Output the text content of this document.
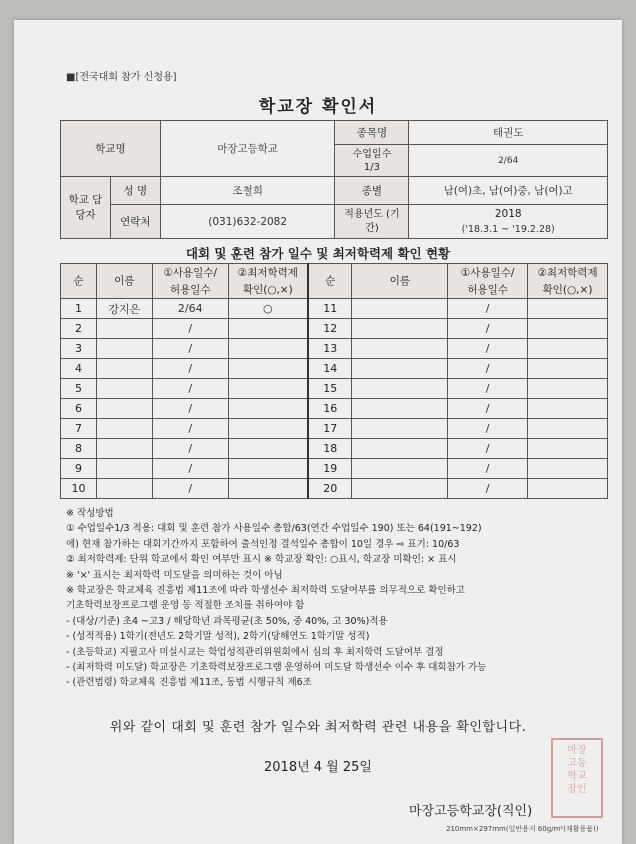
■[전국대회 참가 신청용]
학교장 확인서
학교명		마장고등학교	종목명	태권도
			수업일수 1/3	2/64
학교 담당자	성 명	조철희	종별	남(여)초, 남(여)중, 남(여)고
	연락처	(031)632-2082	적용년도 (기간)	2018
('18.3.1 ~ '19.2.28)
대회 및 훈련 참가 일수 및 최저학력제 확인 현황
순	이름	①사용일수/	②최저학력제	순	이름	①사용일수/	②최저학력제
		허용일수	확인(○,×)			허용일수	확인(○,×)
1	강지은	2/64	○	11		/	
2		/		12		/	
3		/		13		/	
4		/		14		/	
5		/		15		/	
6		/		16		/	
7		/		17		/	
8		/		18		/	
9		/		19		/	
10		/		20		/	
※ 작성방법
① 수업일수1/3 적용: 대회 및 훈련 참가 사용일수 총합/63(연간 수업일수 190) 또는 64(191~192)
에) 현재 참가하는 대회기간까지 포함하여 출석인정 결석일수 총합이 10일 경우 ⇨ 표기: 10/63
② 최저학력제: 단위 학교에서 확인 여부만 표시 ※ 학교장 확인: ○표시, 학교장 미확인: × 표시
※ '×' 표시는 최저학력 미도달을 의미하는 것이 아님
※ 학교장은 학교체육 진흥법 제11조에 따라 학생선수 최저학력 도달여부를 의무적으로 확인하고
기초학력보장프로그램 운영 등 적절한 조치를 취하여야 함
- (대상/기준) 초4 ~고3 / 해당학년 과목평균(초 50%, 중 40%, 고 30%)적용
- (성적적용) 1학기(전년도 2학기말 성적), 2학기(당해연도 1학기말 성적)
- (초등학교) 지필고사 미실시교는 학업성적관리위원회에서 심의 후 최저학력 도달여부 결정
- (최저학력 미도달) 학교장은 기초학력보장프로그램 운영하여 미도달 학생선수 이수 후 대회참가 가능
- (관련법령) 학교체육 진흥법 제11조, 동법 시행규칙 제6조
위와 같이 대회 및 훈련 참가 일수와 최저학력 관련 내용을 확인합니다.
2018년 4 월 25일
마장고등학교장(직인)
마장
고등
학교
장인
210mm×297mm(일반용지 60g/m²(재활용품))
